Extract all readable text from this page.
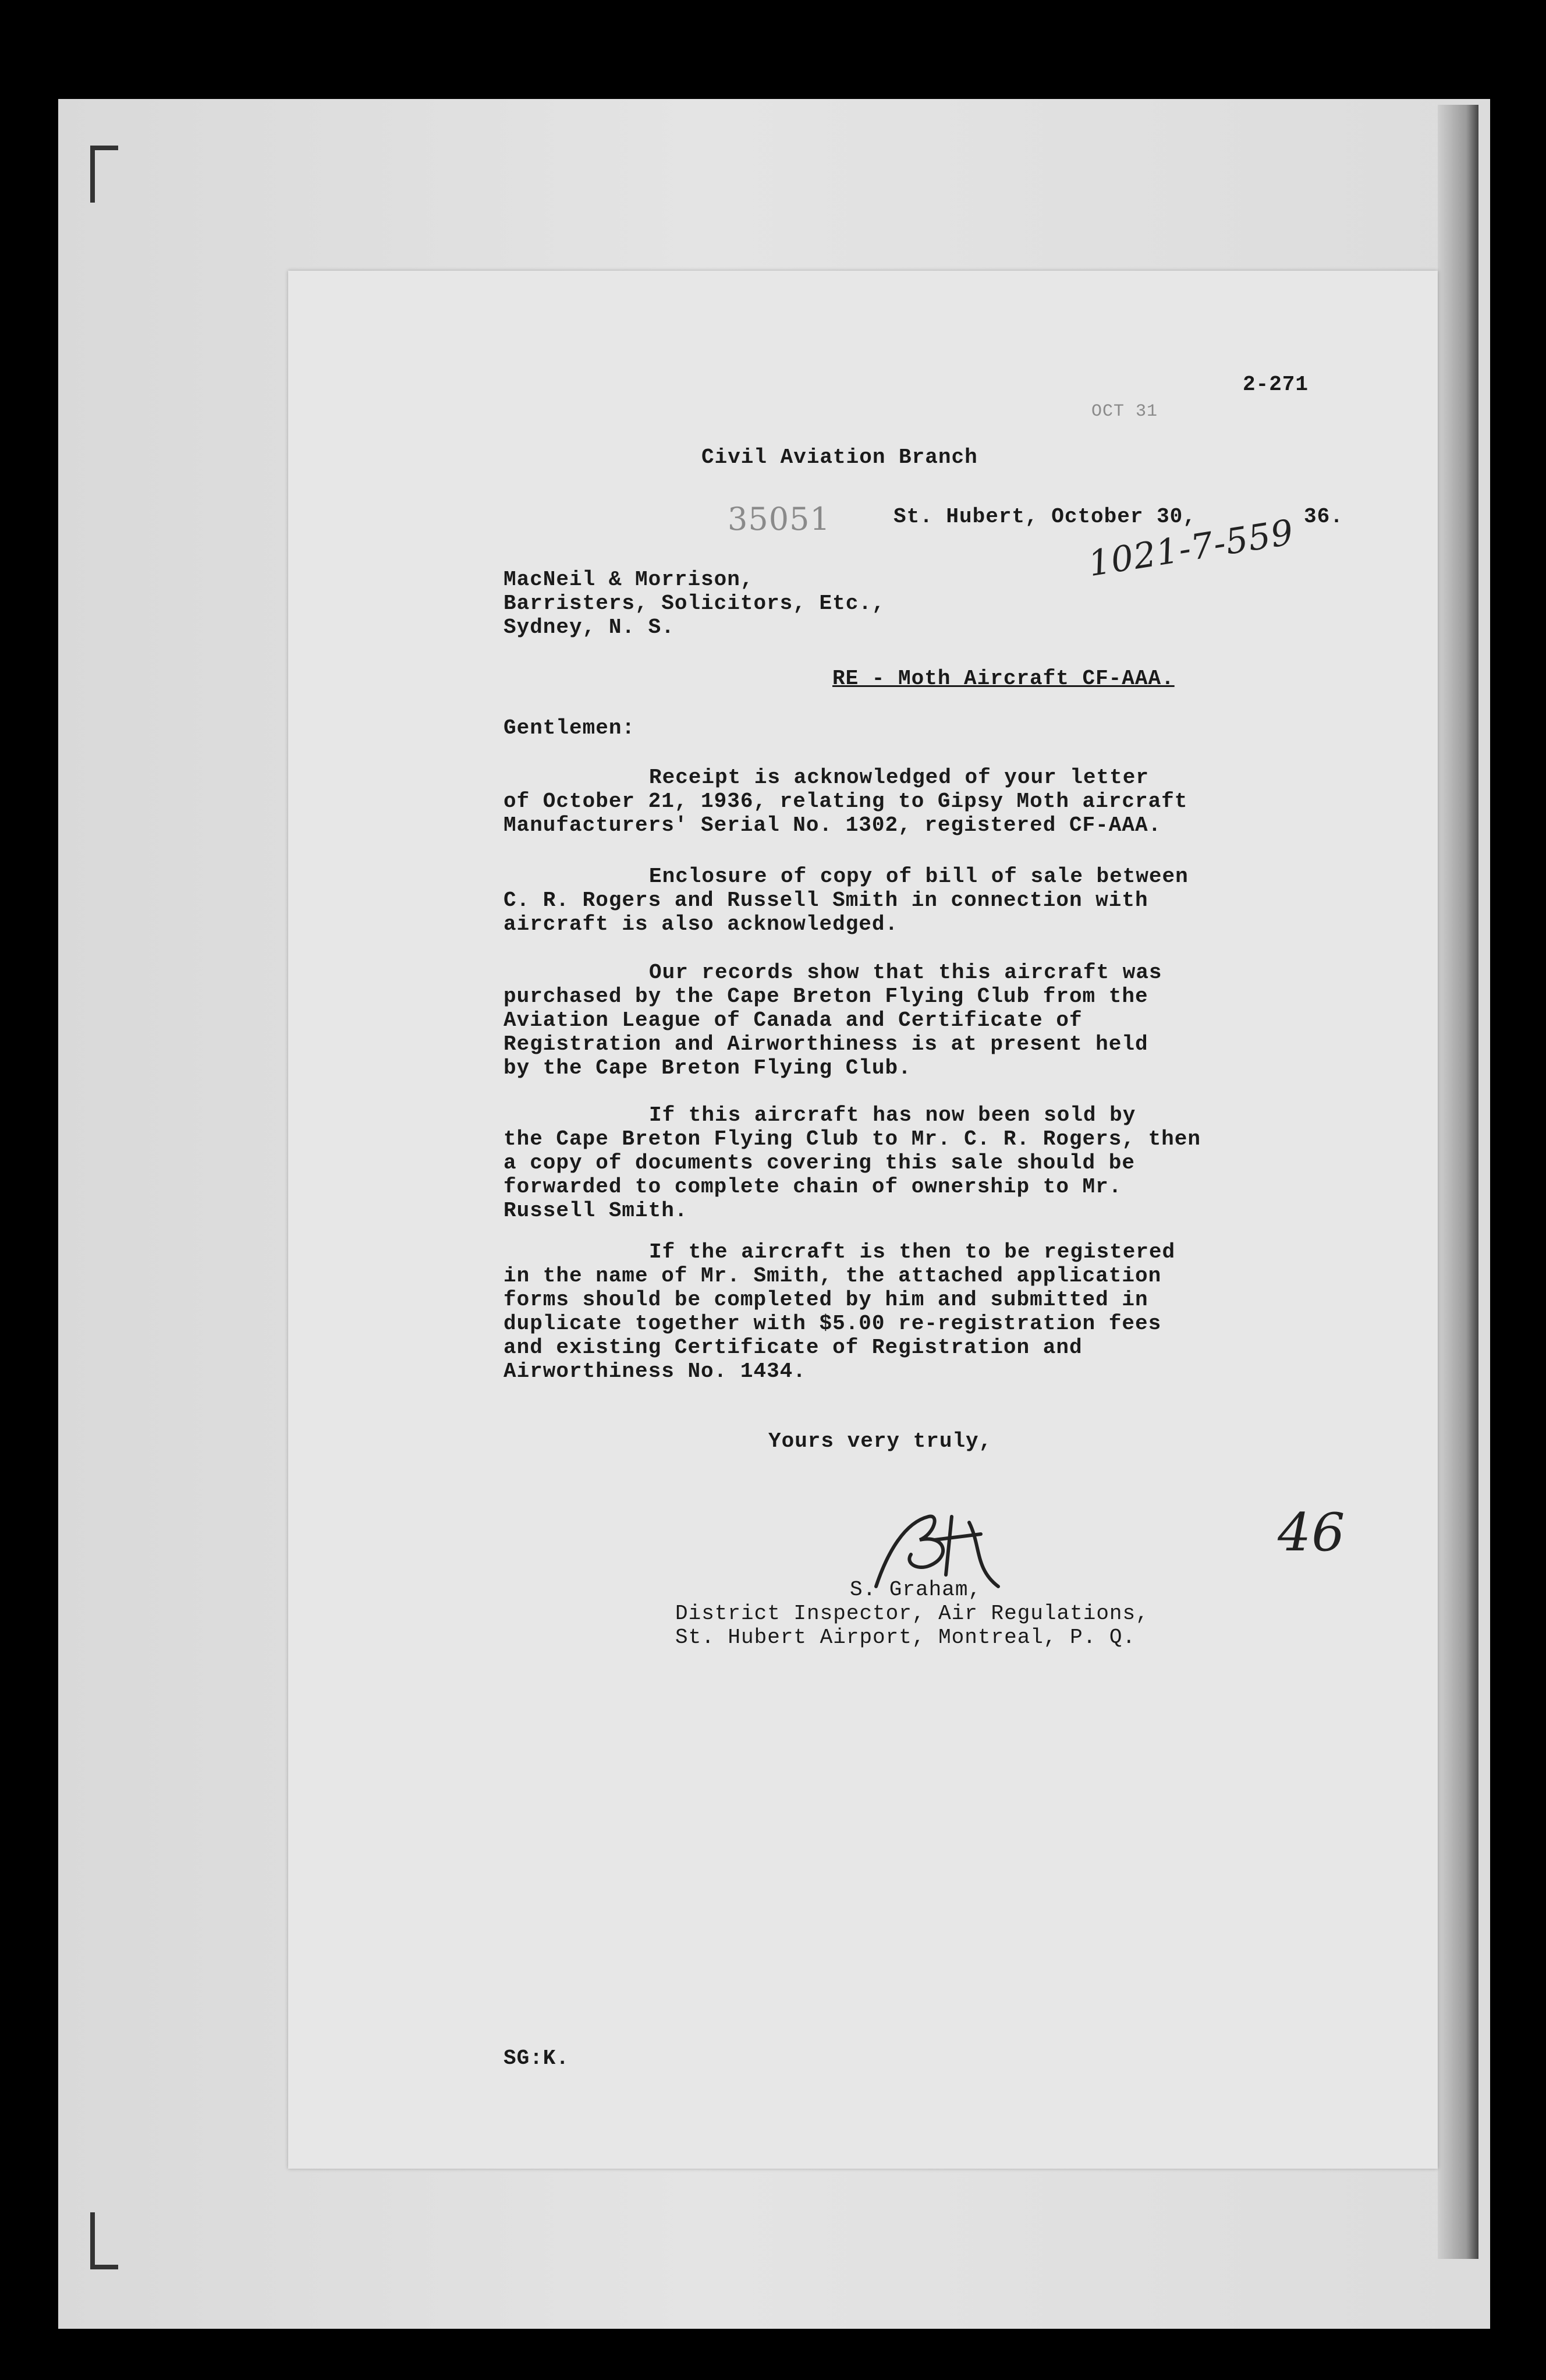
2-271
OCT 31
Civil Aviation Branch
35051	St. Hubert, October 30,	36.
1021-7-559
MacNeil & Morrison,
Barristers, Solicitors, Etc.,
Sydney, N. S.
RE - Moth Aircraft CF-AAA.
Gentlemen:
Receipt is acknowledged of your letter
of October 21, 1936, relating to Gipsy Moth aircraft
Manufacturers' Serial No. 1302, registered CF-AAA.
Enclosure of copy of bill of sale between
C. R. Rogers and Russell Smith in connection with
aircraft is also acknowledged.
Our records show that this aircraft was
purchased by the Cape Breton Flying Club from the
Aviation League of Canada and Certificate of
Registration and Airworthiness is at present held
by the Cape Breton Flying Club.
If this aircraft has now been sold by
the Cape Breton Flying Club to Mr. C. R. Rogers, then
a copy of documents covering this sale should be
forwarded to complete chain of ownership to Mr.
Russell Smith.
If the aircraft is then to be registered
in the name of Mr. Smith, the attached application
forms should be completed by him and submitted in
duplicate together with $5.00 re-registration fees
and existing Certificate of Registration and
Airworthiness No. 1434.
Yours very truly,
46
S. Graham,
District Inspector, Air Regulations,
St. Hubert Airport, Montreal, P. Q.
SG:K.
